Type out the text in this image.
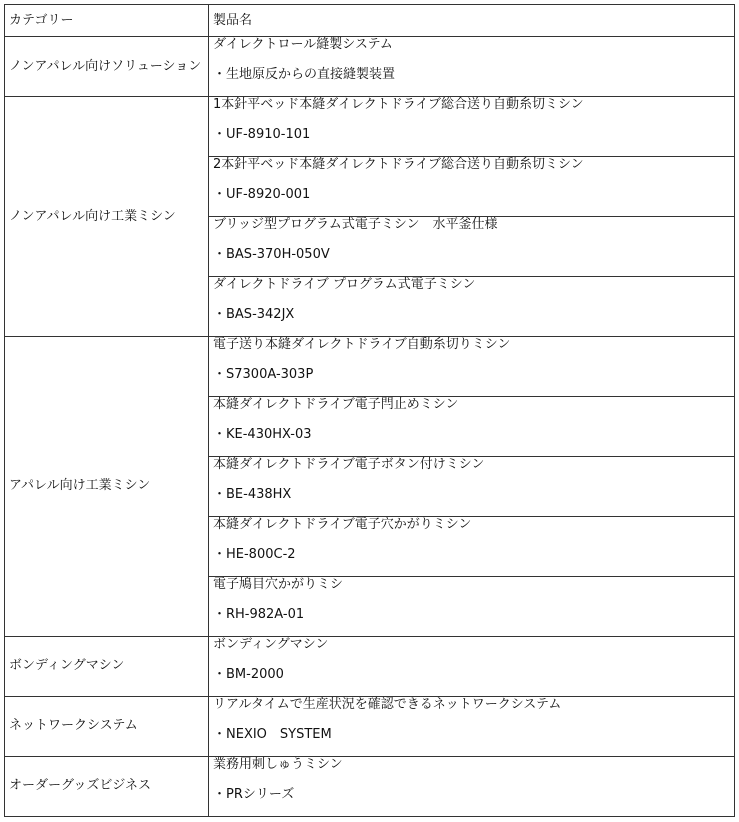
カテゴリー	製品名
ノンアパレル向けソリューション	ダイレクトロール縫製システム
・生地原反からの直接縫製装置

ノンアパレル向け工業ミシン	1本針平ベッド本縫ダイレクトドライブ総合送り自動糸切ミシン
・UF-8910-101

	2本針平ベッド本縫ダイレクトドライブ総合送り自動糸切ミシン
・UF-8920-001

	ブリッジ型プログラム式電子ミシン　水平釜仕様
・BAS-370H-050V

	ダイレクトドライブ プログラム式電子ミシン
・BAS-342JX

アパレル向け工業ミシン	電子送り本縫ダイレクトドライブ自動糸切りミシン
・S7300A-303P

	本縫ダイレクトドライブ電子閂止めミシン
・KE-430HX-03

	本縫ダイレクトドライブ電子ボタン付けミシン
・BE-438HX

	本縫ダイレクトドライブ電子穴かがりミシン
・HE-800C-2

	電子鳩目穴かがりミシ
・RH-982A-01

ボンディングマシン	ボンディングマシン
・BM-2000

ネットワークシステム	リアルタイムで生産状況を確認できるネットワークシステム
・NEXIO　SYSTEM

オーダーグッズビジネス	業務用刺しゅうミシン
・PRシリーズ
